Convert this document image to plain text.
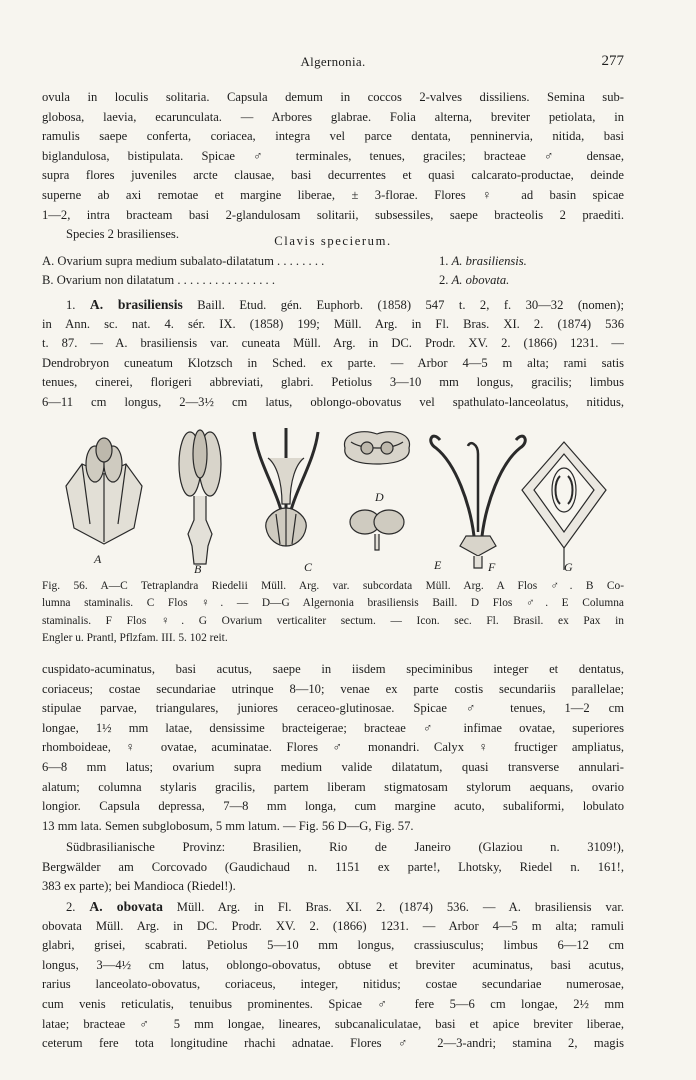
Algernonia.	277
ovula in loculis solitaria. Capsula demum in coccos 2-valves dissiliens. Semina sub-
globosa, laevia, ecarunculata. — Arbores glabrae. Folia alterna, breviter petiolata, in
ramulis saepe conferta, coriacea, integra vel parce dentata, penninervia, nitida, basi
biglandulosa, bistipulata. Spicae ♂ terminales, tenues, graciles; bracteae ♂ densae,
supra flores juveniles arcte clausae, basi decurrentes et quasi calcarato-productae, deinde
superne ab axi remotae et margine liberae, ± 3-florae. Flores ♀ ad basin spicae
1—2, intra bracteam basi 2-glandulosam solitarii, subsessiles, saepe bracteolis 2 praediti.
Species 2 brasilienses.	Clavis specierum.
A. Ovarium supra medium subalato-dilatatum . . . . . . . .	1. A. brasiliensis.
B. Ovarium non dilatatum . . . . . . . . . . . . . . . .	2. A. obovata.
1. A. brasiliensis Baill. Etud. gén. Euphorb. (1858) 547 t. 2, f. 30—32 (nomen);
in Ann. sc. nat. 4. sér. IX. (1858) 199; Müll. Arg. in Fl. Bras. XI. 2. (1874) 536
t. 87. — A. brasiliensis var. cuneata Müll. Arg. in DC. Prodr. XV. 2. (1866) 1231. —
Dendrobryon cuneatum Klotzsch in Sched. ex parte. — Arbor 4—5 m alta; rami satis
tenues, cinerei, florigeri abbreviati, glabri. Petiolus 3—10 mm longus, gracilis; limbus
6—11 cm longus, 2—3½ cm latus, oblongo-obovatus vel spathulato-lanceolatus, nitidus,
A
B	C
D
E	F	G
Fig. 56. A—C Tetraplandra Riedelii Müll. Arg. var. subcordata Müll. Arg. A Flos ♂. B Co-
lumna staminalis. C Flos ♀. — D—G Algernonia brasiliensis Baill. D Flos ♂. E Columna
staminalis. F Flos ♀. G Ovarium verticaliter sectum. — Icon. sec. Fl. Brasil. ex Pax in
Engler u. Prantl, Pflzfam. III. 5. 102 reit.
cuspidato-acuminatus, basi acutus, saepe in iisdem speciminibus integer et dentatus,
coriaceus; costae secundariae utrinque 8—10; venae ex parte costis secundariis parallelae;
stipulae parvae, triangulares, juniores ceraceo-glutinosae. Spicae ♂ tenues, 1—2 cm
longae, 1½ mm latae, densissime bracteigerae; bracteae ♂ infimae ovatae, superiores
rhomboideae, ♀ ovatae, acuminatae. Flores ♂ monandri. Calyx ♀ fructiger ampliatus,
6—8 mm latus; ovarium supra medium valide dilatatum, quasi transverse annulari-
alatum; columna stylaris gracilis, partem liberam stigmatosam stylorum aequans, ovario
longior. Capsula depressa, 7—8 mm longa, cum margine acuto, subaliformi, lobulato
13 mm lata. Semen subglobosum, 5 mm latum. — Fig. 56 D—G, Fig. 57.
Südbrasilianische Provinz: Brasilien, Rio de Janeiro (Glaziou n. 3109!),
Bergwälder am Corcovado (Gaudichaud n. 1151 ex parte!, Lhotsky, Riedel n. 161!,
383 ex parte); bei Mandioca (Riedel!).
2. A. obovata Müll. Arg. in Fl. Bras. XI. 2. (1874) 536. — A. brasiliensis var.
obovata Müll. Arg. in DC. Prodr. XV. 2. (1866) 1231. — Arbor 4—5 m alta; ramuli
glabri, grisei, scabrati. Petiolus 5—10 mm longus, crassiusculus; limbus 6—12 cm
longus, 3—4½ cm latus, oblongo-obovatus, obtuse et breviter acuminatus, basi acutus,
rarius lanceolato-obovatus, coriaceus, integer, nitidus; costae secundariae numerosae,
cum venis reticulatis, tenuibus prominentes. Spicae ♂ fere 5—6 cm longae, 2½ mm
latae; bracteae ♂ 5 mm longae, lineares, subcanaliculatae, basi et apice breviter liberae,
ceterum fere tota longitudine rhachi adnatae. Flores ♂ 2—3-andri; stamina 2, magis
